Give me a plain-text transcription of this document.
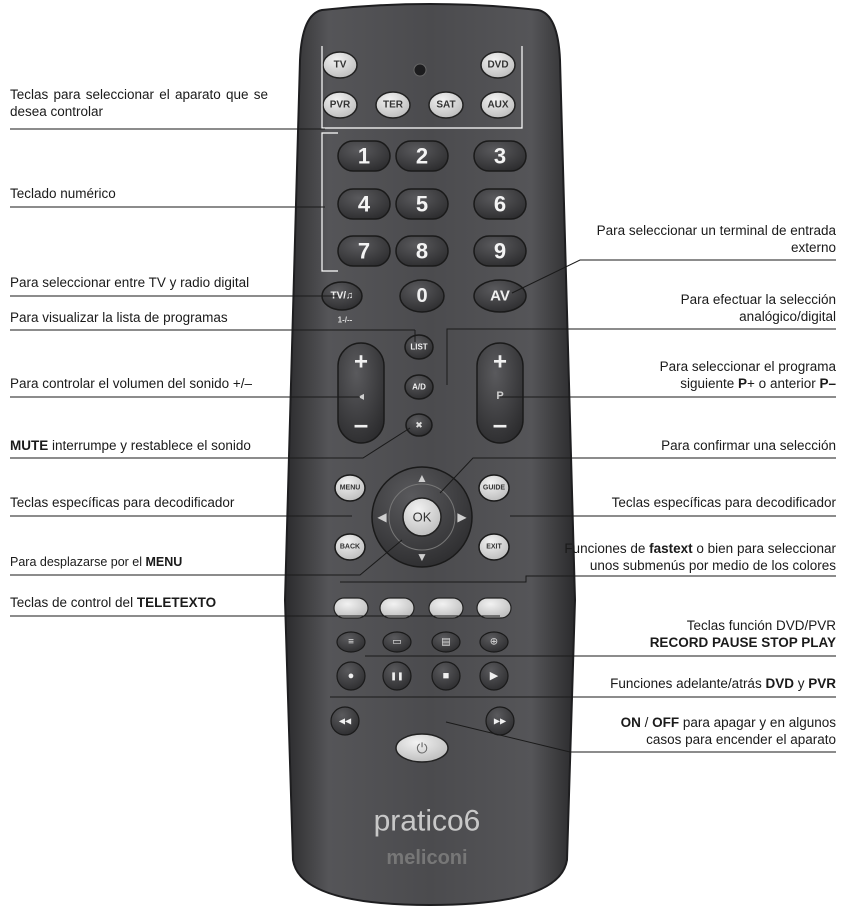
TV	DVD
PVR	TER	SAT	AUX
1 2	3
4 5	6
7 8	9
TV/♫	0	AV
1-/--
LIST
A/D
✖
+
◂
–
+
P
–
MENU
BACK
GUIDE
EXIT
▲
▼
◀	▶
OK
≡	▭	▤	⊕
●	❚❚	■	▶
◀◀	▶▶
⏻
pratico6
meliconi
Teclas para seleccionar el aparato que se desea controlar
Teclado numérico
Para seleccionar entre TV y radio digital
Para visualizar la lista de programas
Para controlar el volumen del sonido +/–
MUTE interrumpe y restablece el sonido
Teclas específicas para decodificador
Para desplazarse por el MENU
Teclas de control del TELETEXTO
Para seleccionar un terminal de entrada
externo
Para efectuar la selección
analógico/digital
Para seleccionar el programa
siguiente P+ o anterior P–
Para confirmar una selección
Teclas específicas para decodificador
Funciones de fastext o bien para seleccionar
unos submenús por medio de los colores
Teclas función DVD/PVR
RECORD PAUSE STOP PLAY
Funciones adelante/atrás DVD y PVR
ON / OFF para apagar y en algunos
casos para encender el aparato
